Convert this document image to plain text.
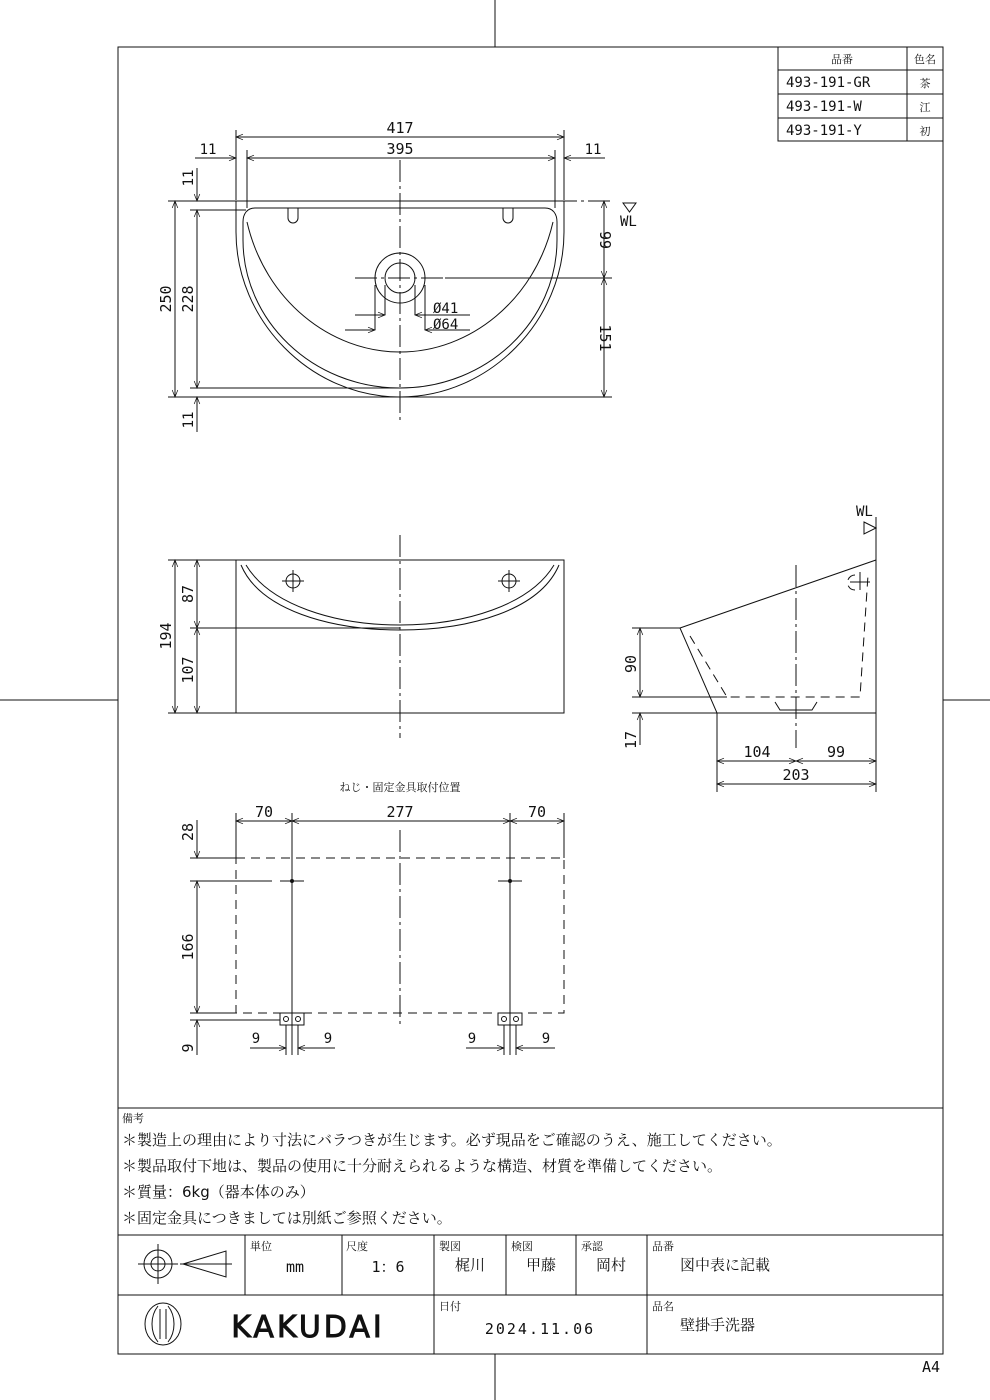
品番	色名
493-191-GR	茶
493-191-W	江
493-191-Y	初
Ø41
Ø64
417
395
11	11
250 228
11
11
99
151
WL
194
87
107
WL
90
17
104	99
203
ねじ・固定金具取付位置
70	277	70
28
166
9
9	9	9	9
備考
＊製造上の理由により寸法にバラつきが生じます。必ず現品をご確認のうえ、施工してください。
＊製品取付下地は、製品の使用に十分耐えられるような構造、材質を準備してください。
＊質量：6kg（器本体のみ）
＊固定金具につきましては別紙ご参照ください。
単位
mm
尺度
1：6
製図
梶川
検図
甲藤
承認
岡村
品番
図中表に記載
KAKUDAI
日付
2024.11.06
品名
壁掛手洗器
A4
